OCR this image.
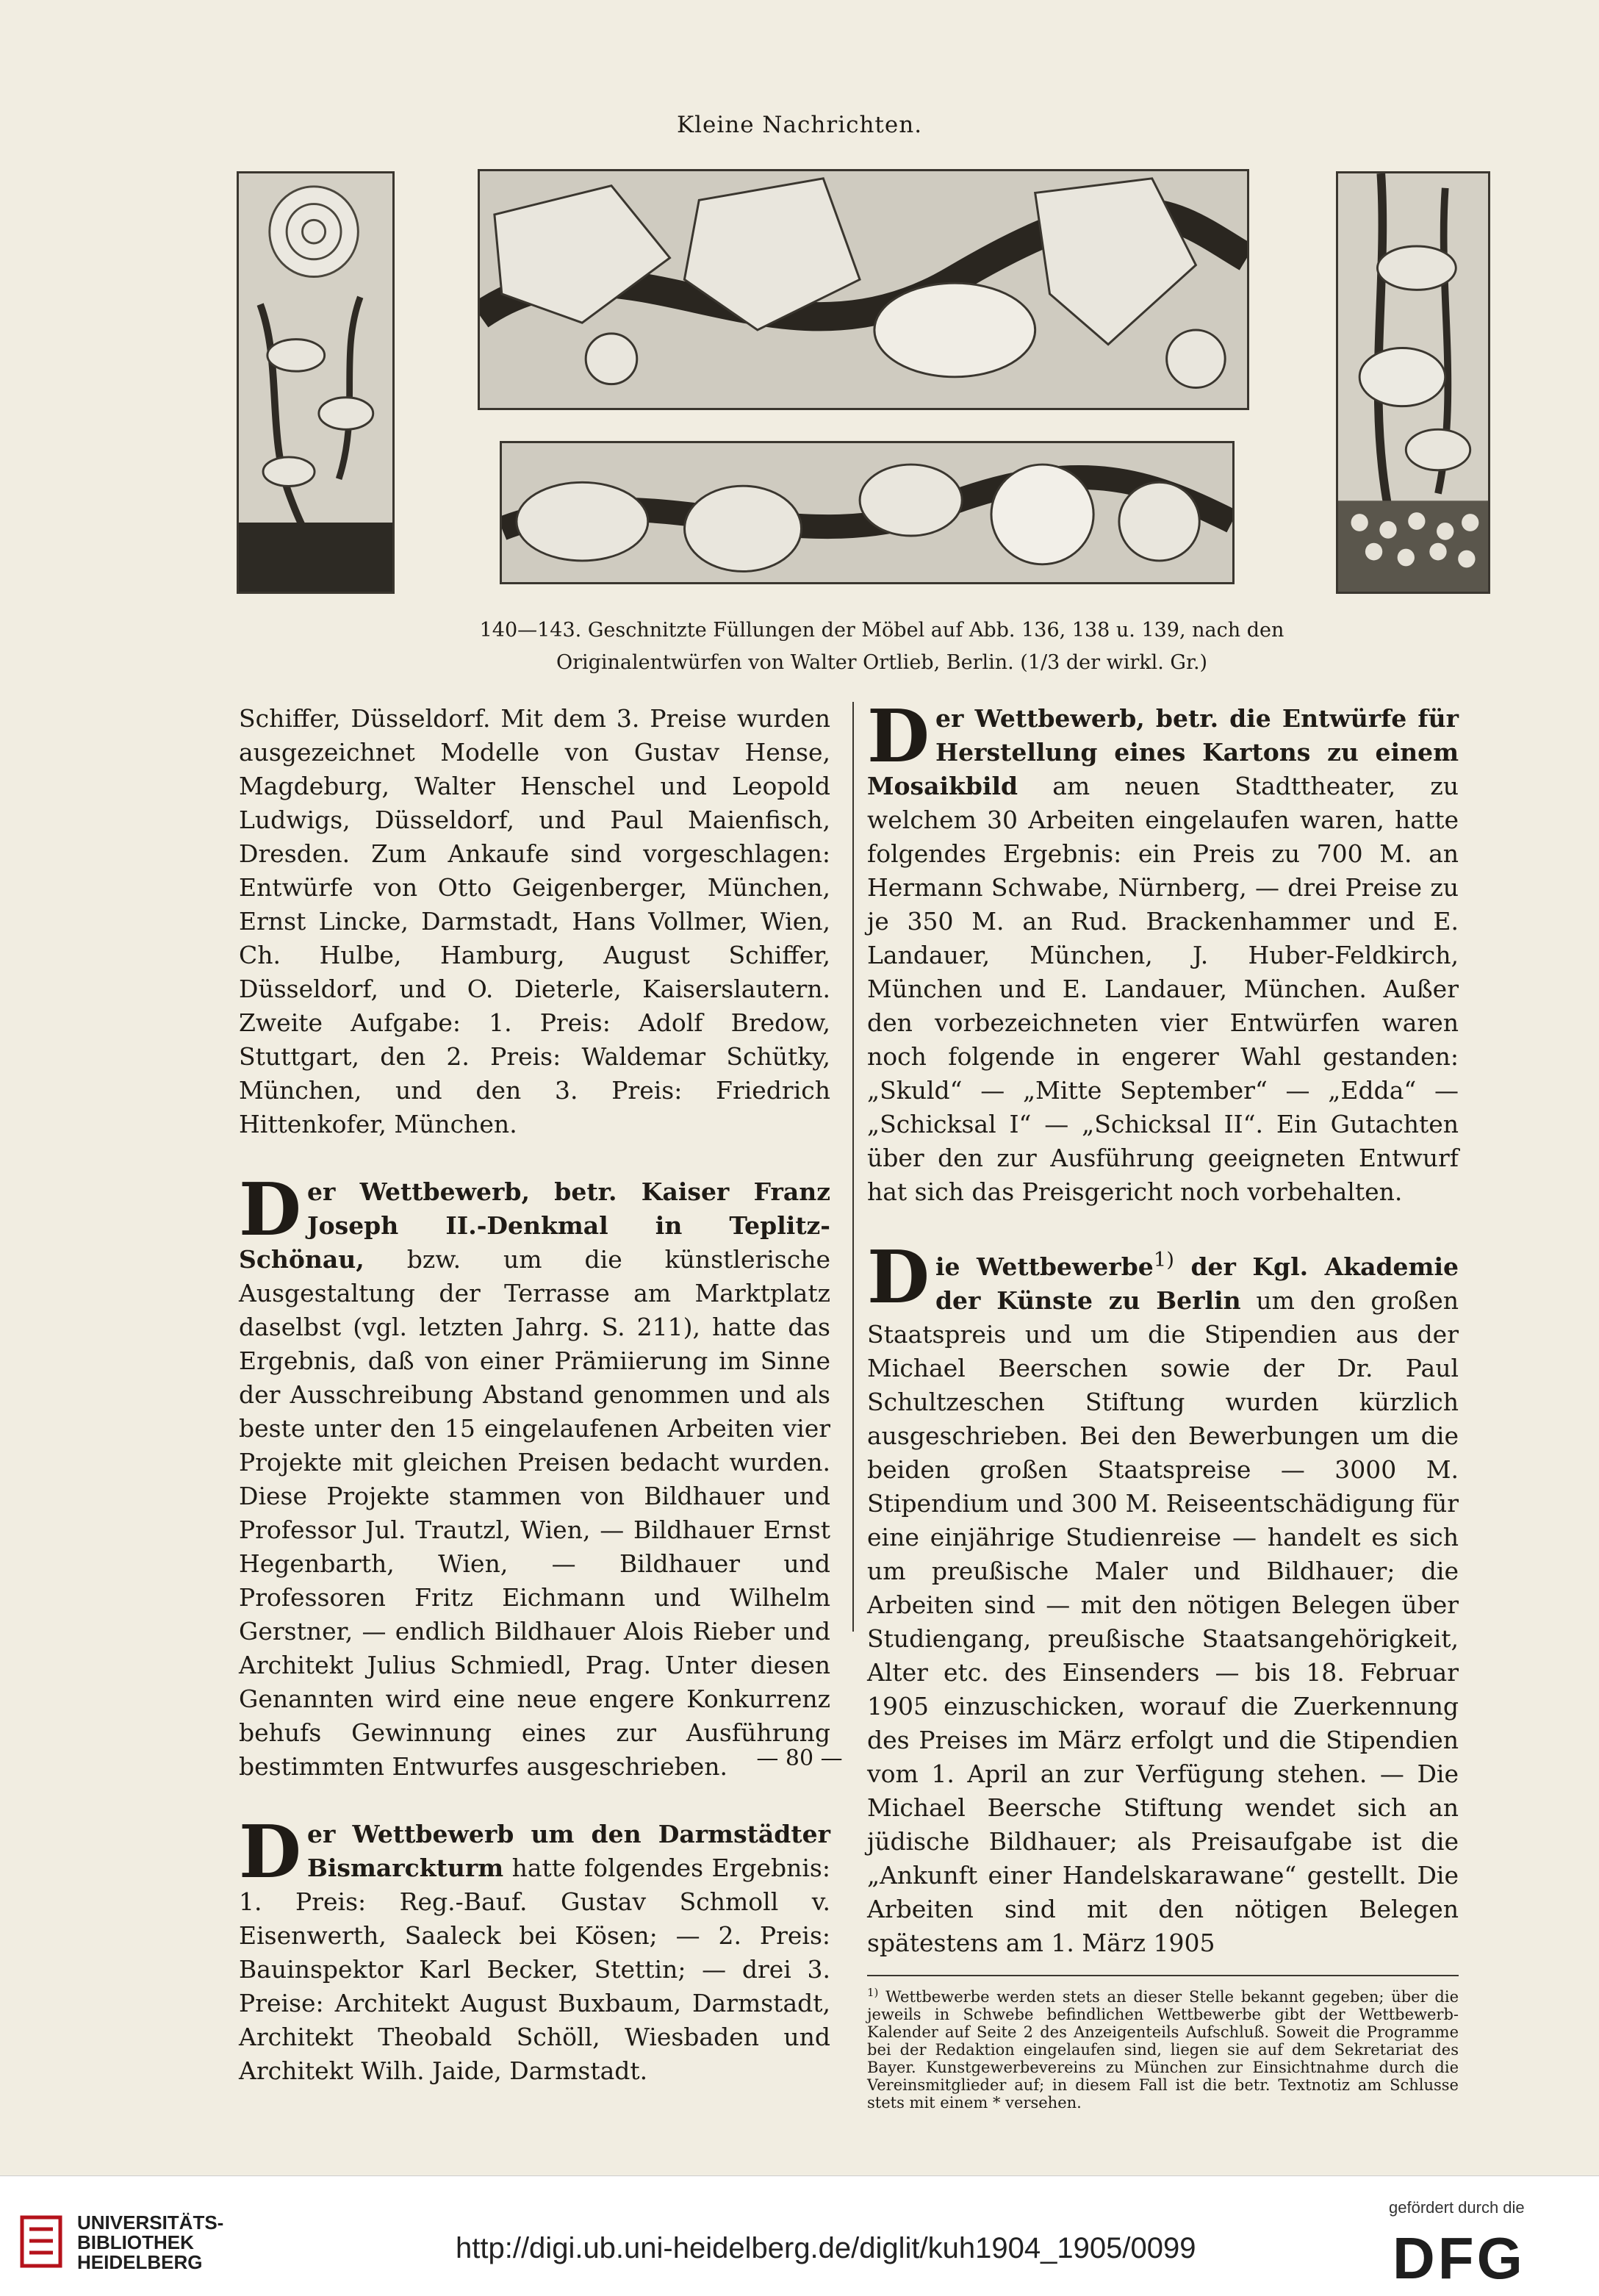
Kleine Nachrichten.
140—143. Geschnitzte Füllungen der Möbel auf Abb. 136, 138 u. 139, nach den
Originalentwürfen von Walter Ortlieb, Berlin. (1/3 der wirkl. Gr.)

Schiffer, Düsseldorf. Mit dem 3. Preise wurden ausgezeichnet Modelle von Gustav Hense, Magdeburg, Walter Henschel und Leopold Ludwigs, Düsseldorf, und Paul Maienfisch, Dresden. Zum Ankaufe sind vorgeschlagen: Entwürfe von Otto Geigenberger, München, Ernst Lincke, Darmstadt, Hans Vollmer, Wien, Ch. Hulbe, Hamburg, August Schiffer, Düsseldorf, und O. Dieterle, Kaiserslautern. Zweite Aufgabe: 1. Preis: Adolf Bredow, Stuttgart, den 2. Preis: Waldemar Schütky, München, und den 3. Preis: Friedrich Hittenkofer, München.

Der Wettbewerb, betr. Kaiser Franz Joseph II.-Denkmal in Teplitz-Schönau, bzw. um die künstlerische Ausgestaltung der Terrasse am Marktplatz daselbst (vgl. letzten Jahrg. S. 211), hatte das Ergebnis, daß von einer Prämiierung im Sinne der Ausschreibung Abstand genommen und als beste unter den 15 eingelaufenen Arbeiten vier Projekte mit gleichen Preisen bedacht wurden. Diese Projekte stammen von Bildhauer und Professor Jul. Trautzl, Wien, — Bildhauer Ernst Hegenbarth, Wien, — Bildhauer und Professoren Fritz Eichmann und Wilhelm Gerstner, — endlich Bildhauer Alois Rieber und Architekt Julius Schmiedl, Prag. Unter diesen Genannten wird eine neue engere Konkurrenz behufs Gewinnung eines zur Ausführung bestimmten Entwurfes ausgeschrieben.

Der Wettbewerb um den Darmstädter Bismarckturm hatte folgendes Ergebnis: 1. Preis: Reg.-Bauf. Gustav Schmoll v. Eisenwerth, Saaleck bei Kösen; — 2. Preis: Bauinspektor Karl Becker, Stettin; — drei 3. Preise: Architekt August Buxbaum, Darmstadt, Architekt Theobald Schöll, Wiesbaden und Architekt Wilh. Jaide, Darmstadt.

Der Wettbewerb, betr. die Entwürfe für Herstellung eines Kartons zu einem Mosaikbild am neuen Stadttheater, zu welchem 30 Arbeiten eingelaufen waren, hatte folgendes Ergebnis: ein Preis zu 700 M. an Hermann Schwabe, Nürnberg, — drei Preise zu je 350 M. an Rud. Brackenhammer und E. Landauer, München, J. Huber-Feldkirch, München und E. Landauer, München. Außer den vorbezeichneten vier Entwürfen waren noch folgende in engerer Wahl gestanden: „Skuld“ — „Mitte September“ — „Edda“ — „Schicksal I“ — „Schicksal II“. Ein Gutachten über den zur Ausführung geeigneten Entwurf hat sich das Preisgericht noch vorbehalten.

Die Wettbewerbe$^{1)}$ der Kgl. Akademie der Künste zu Berlin um den großen Staatspreis und um die Stipendien aus der Michael Beerschen sowie der Dr. Paul Schultzeschen Stiftung wurden kürzlich ausgeschrieben. Bei den Bewerbungen um die beiden großen Staatspreise — 3000 M. Stipendium und 300 M. Reiseentschädigung für eine einjährige Studienreise — handelt es sich um preußische Maler und Bildhauer; die Arbeiten sind — mit den nötigen Belegen über Studiengang, preußische Staatsangehörigkeit, Alter etc. des Einsenders — bis 18. Februar 1905 einzuschicken, worauf die Zuerkennung des Preises im März erfolgt und die Stipendien vom 1. April an zur Verfügung stehen. — Die Michael Beersche Stiftung wendet sich an jüdische Bildhauer; als Preisaufgabe ist die „Ankunft einer Handelskarawane“ gestellt. Die Arbeiten sind mit den nötigen Belegen spätestens am 1. März 1905

$^{1)}$ Wettbewerbe werden stets an dieser Stelle bekannt gegeben; über die jeweils in Schwebe befindlichen Wettbewerbe gibt der Wettbewerb-Kalender auf Seite 2 des Anzeigenteils Aufschluß. Soweit die Programme bei der Redaktion eingelaufen sind, liegen sie auf dem Sekretariat des Bayer. Kunstgewerbevereins zu München zur Einsichtnahme durch die Vereinsmitglieder auf; in diesem Fall ist die betr. Textnotiz am Schlusse stets mit einem * versehen.
— 80 —
UNIVERSITÄTS-
BIBLIOTHEK
HEIDELBERG	http://digi.ub.uni-heidelberg.de/diglit/kuh1904_1905/0099
gefördert durch die
DFG
